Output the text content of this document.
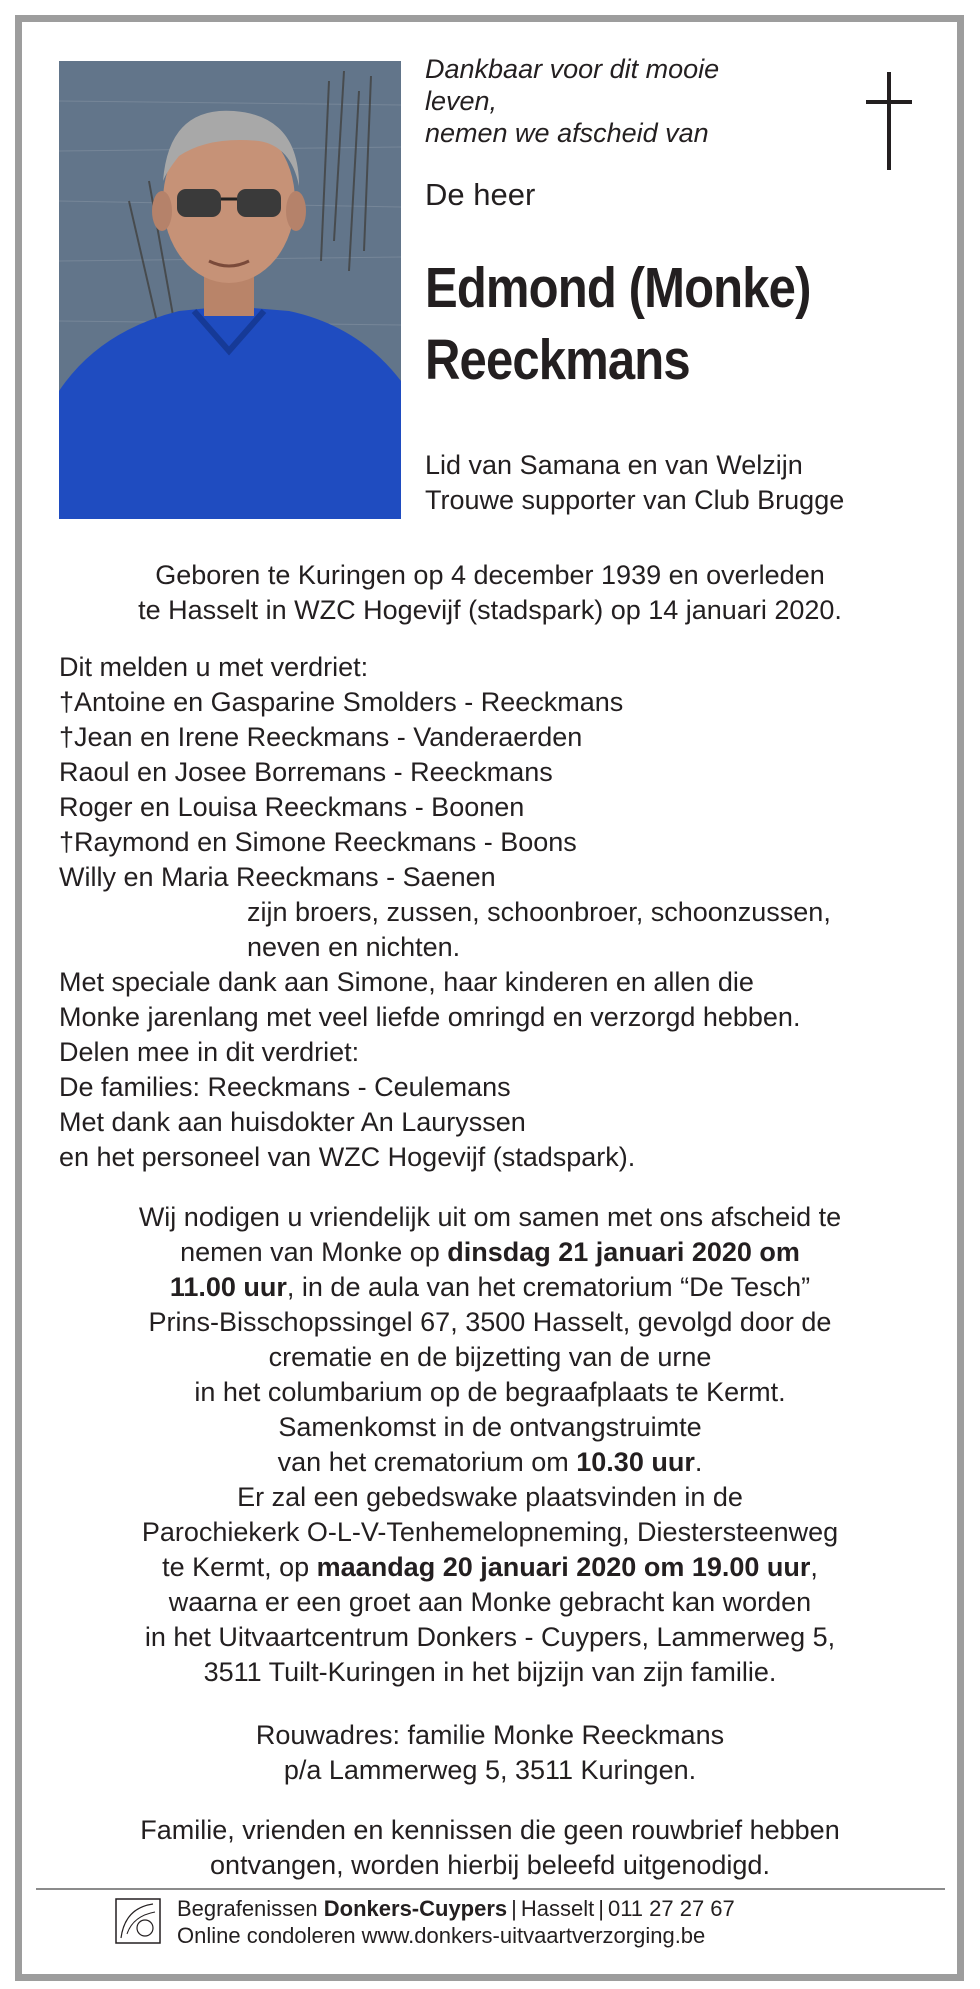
Dankbaar voor dit mooie
leven,
nemen we afscheid van
De heer
Edmond (Monke)
Reeckmans
Lid van Samana en van Welzijn
Trouwe supporter van Club Brugge
Geboren te Kuringen op 4 december 1939 en overleden
te Hasselt in WZC Hogevijf (stadspark) op 14 januari 2020.
Dit melden u met verdriet:
†Antoine en Gasparine Smolders - Reeckmans
†Jean en Irene Reeckmans - Vanderaerden
Raoul en Josee Borremans - Reeckmans
Roger en Louisa Reeckmans - Boonen
†Raymond en Simone Reeckmans - Boons
Willy en Maria Reeckmans - Saenen
zijn broers, zussen, schoonbroer, schoonzussen,
neven en nichten.
Met speciale dank aan Simone, haar kinderen en allen die
Monke jarenlang met veel liefde omringd en verzorgd hebben.
Delen mee in dit verdriet:
De families: Reeckmans - Ceulemans
Met dank aan huisdokter An Lauryssen
en het personeel van WZC Hogevijf (stadspark).
Wij nodigen u vriendelijk uit om samen met ons afscheid te
nemen van Monke op dinsdag 21 januari 2020 om
11.00 uur, in de aula van het crematorium “De Tesch”
Prins-Bisschopssingel 67, 3500 Hasselt, gevolgd door de
crematie en de bijzetting van de urne
in het columbarium op de begraafplaats te Kermt.
Samenkomst in de ontvangstruimte
van het crematorium om 10.30 uur.
Er zal een gebedswake plaatsvinden in de
Parochiekerk O-L-V-Tenhemelopneming, Diestersteenweg
te Kermt, op maandag 20 januari 2020 om 19.00 uur,
waarna er een groet aan Monke gebracht kan worden
in het Uitvaartcentrum Donkers - Cuypers, Lammerweg 5,
3511 Tuilt-Kuringen in het bijzijn van zijn familie.
Rouwadres: familie Monke Reeckmans
p/a Lammerweg 5, 3511 Kuringen.
Familie, vrienden en kennissen die geen rouwbrief hebben
ontvangen, worden hierbij beleefd uitgenodigd.
Begrafenissen Donkers-Cuypers | Hasselt | 011 27 27 67
Online condoleren www.donkers-uitvaartverzorging.be
